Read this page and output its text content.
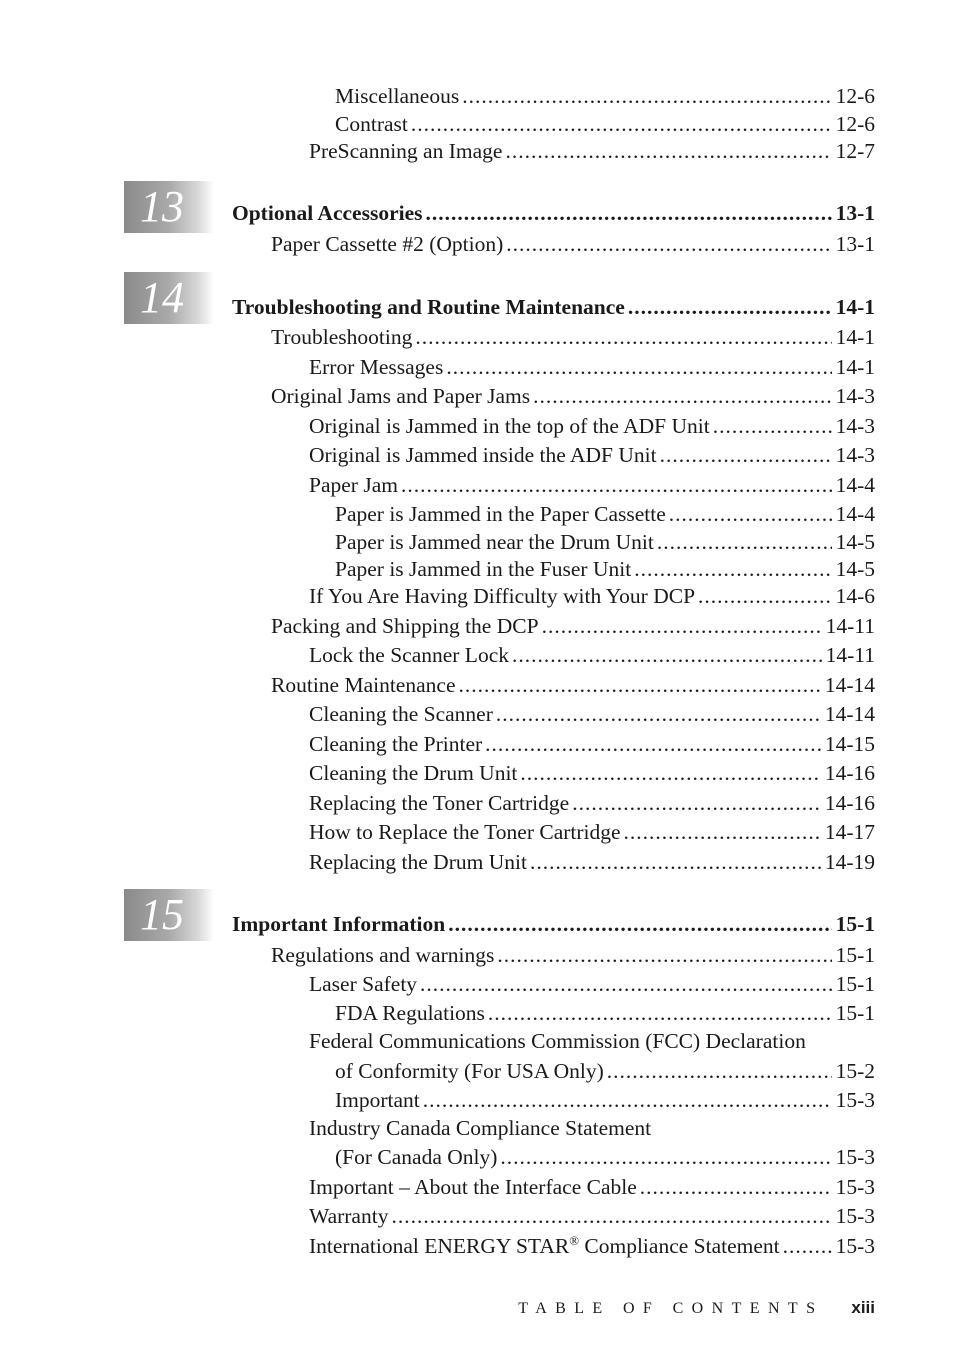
13
14
15
Miscellaneous .....	12-6
Contrast .....	12-6
PreScanning an Image .....	12-7
Optional Accessories .....	13-1
Paper Cassette #2 (Option) .....	13-1
Troubleshooting and Routine Maintenance .....	14-1
Troubleshooting .....	14-1
Error Messages .....	14-1
Original Jams and Paper Jams .....	14-3
Original is Jammed in the top of the ADF Unit .....	14-3
Original is Jammed inside the ADF Unit .....	14-3
Paper Jam .....	14-4
Paper is Jammed in the Paper Cassette .....	14-4
Paper is Jammed near the Drum Unit .....	14-5
Paper is Jammed in the Fuser Unit .....	14-5
If You Are Having Difficulty with Your DCP .....	14-6
Packing and Shipping the DCP .....	14-11
Lock the Scanner Lock .....	14-11
Routine Maintenance .....	14-14
Cleaning the Scanner .....	14-14
Cleaning the Printer .....	14-15
Cleaning the Drum Unit .....	14-16
Replacing the Toner Cartridge .....	14-16
How to Replace the Toner Cartridge .....	14-17
Replacing the Drum Unit .....	14-19
Important Information .....	15-1
Regulations and warnings .....	15-1
Laser Safety .....	15-1
FDA Regulations .....	15-1
Federal Communications Commission (FCC) Declaration
of Conformity (For USA Only) .....	15-2
Important .....	15-3
Industry Canada Compliance Statement
(For Canada Only) .....	15-3
Important – About the Interface Cable .....	15-3
Warranty .....	15-3
International ENERGY STAR® Compliance Statement .....	15-3
TABLE OF CONTENTS xiii
